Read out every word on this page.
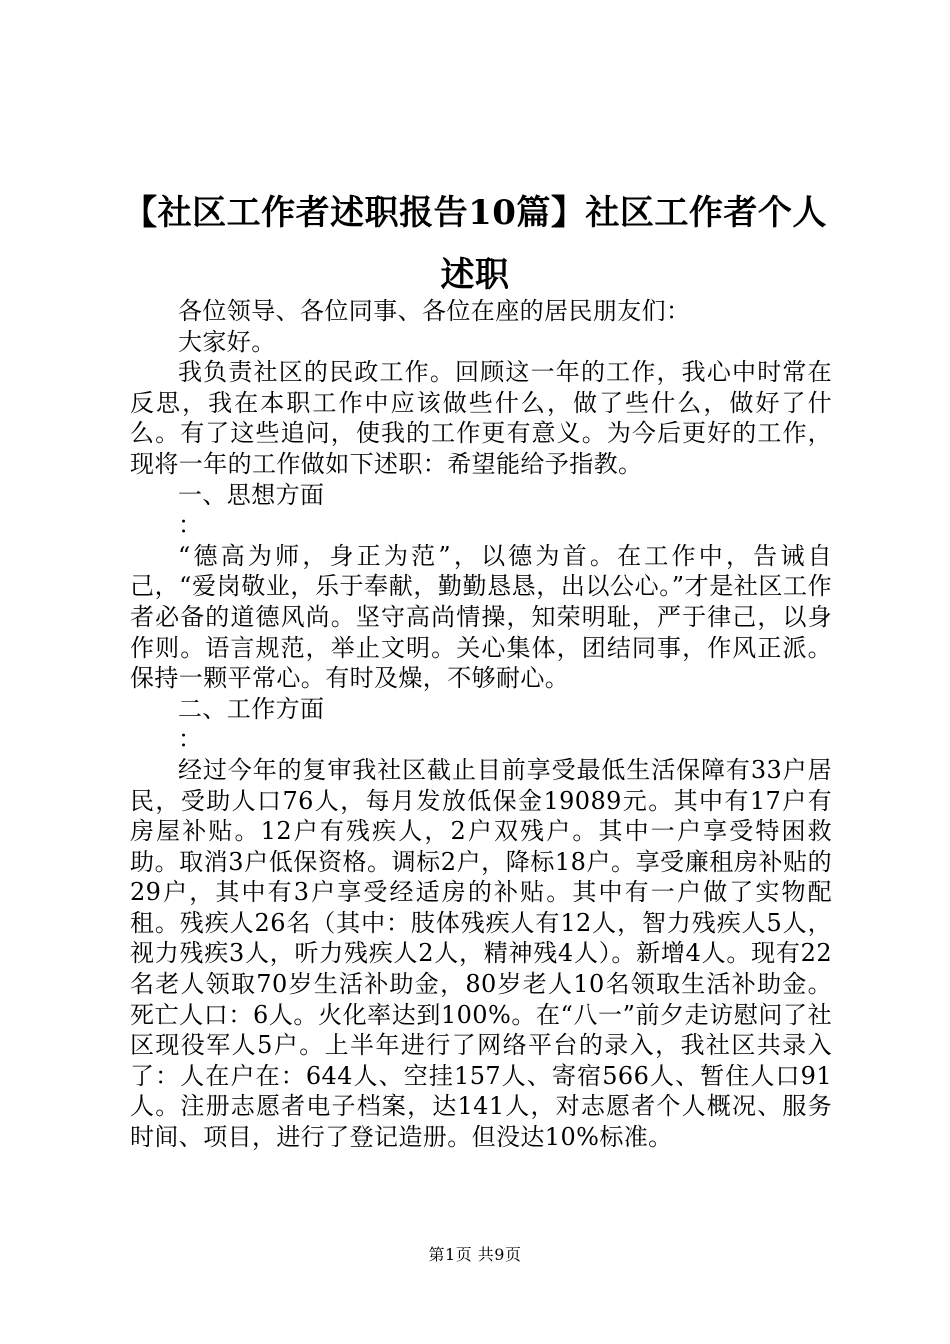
【社区工作者述职报告10篇】社区工作者个人述职

各位领导、各位同事、各位在座的居民朋友们：

大家好。

我负责社区的民政工作。回顾这一年的工作，我心中时常在反思，我在本职工作中应该做些什么，做了些什么，做好了什么。有了这些追问，使我的工作更有意义。为今后更好的工作，现将一年的工作做如下述职：希望能给予指教。

一、思想方面

：

“德高为师，身正为范”，以德为首。在工作中，告诫自己，“爱岗敬业，乐于奉献，勤勤恳恳，出以公心。”才是社区工作者必备的道德风尚。坚守高尚情操，知荣明耻，严于律己，以身作则。语言规范，举止文明。关心集体，团结同事，作风正派。保持一颗平常心。有时及燥，不够耐心。

二、工作方面

：

经过今年的复审我社区截止目前享受最低生活保障有33户居民，受助人口76人，每月发放低保金19089元。其中有17户有房屋补贴。12户有残疾人，2户双残户。其中一户享受特困救助。取消3户低保资格。调标2户，降标18户。享受廉租房补贴的29户，其中有3户享受经适房的补贴。其中有一户做了实物配租。残疾人26名（其中：肢体残疾人有12人，智力残疾人5人，视力残疾3人，听力残疾人2人，精神残4人）。新增4人。现有22名老人领取70岁生活补助金，80岁老人10名领取生活补助金。死亡人口：6人。火化率达到100%。在“八一”前夕走访慰问了社区现役军人5户。上半年进行了网络平台的录入，我社区共录入了：人在户在：644人、空挂157人、寄宿566人、暂住人口91人。注册志愿者电子档案，达141人，对志愿者个人概况、服务时间、项目，进行了登记造册。但没达10%标准。

第1页 共9页
